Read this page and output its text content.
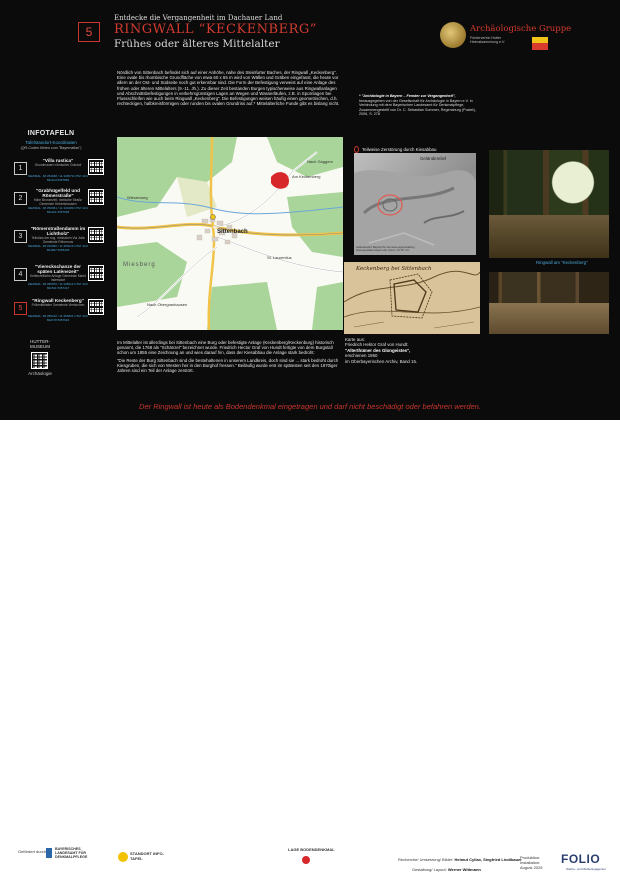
5
Entdecke die Vergangenheit im Dachauer Land
RINGWALL “KECKENBERG”
Frühes oder älteres Mittelalter
Archäologische Gruppe
Förderverein Hutter Heimatsammlung e.V.
INFOTAFELN
Tafelstandort-Koordinaten
(QR-Codes führen zum "Bayernatlas")
1
"Villa rustica"
Grundmauern römischer Gutshof
DEZIMAL: 48.354948 / 11.340579 UTM: 32U 691124 5357860
2
"Grabhügelfeld und Römerstraße"
frühe Bronzezeit, römische Straße Gemeinde Hebertshausen
DEZIMAL: 48.352961 / 11.340183 UTM: 32U 691101 5357638
3
"Römerstraßendamm im Lichtholz"
Teilstück der sog. römischen Via Julia Gemeinde Röhrmoos
DEZIMAL: 48.332960 / 11.350219 UTM: 32U 691897 5355445
4
"Viereckschanze der späten Latènezeit"
Keltenzeitliche Anlage Gemeinde Markt Indersdorf
DEZIMAL: 48.350870 / 11.345912 UTM: 32U 691511 5357417
5
"Ringwall Keckenberg"
Frühmittelalter Gemeinde Vierkirchen
DEZIMAL: 48.355142 / 11.354801 UTM: 32U 692178 5357924
HUTTER-MUSEUM
Archäologie
Nördlich von Sittenbach befindet sich auf einer Anhöhe, nahe des Steinfurter Baches, der Ringwall „Keckenberg“. Eine ovale bis rhombische Grundfläche von etwa 60 x 65 m wird von Wällen und Gräben eingefasst, die heute vor allem an der Ost- und Südseite noch gut erkennbar sind. Die Form der Befestigung verweist auf eine Anlage des frühen oder älteren Mittelalters (9.-11. Jh.). Zu dieser Zeit bestanden Burgen typischerweise aus Ringwallanlagen und Abschnittsbefestigungen in verkehrsgünstigen Lagen an Wegen und Wasserläufen, z.B. in Spornlagen bei Flussschleifen wie auch beim Ringwall „Keckenberg“. Die Befestigungen weisen häufig einen geometrischen, d.h. rechteckigen, halbkreisförmigen oder runden bis ovalen Grundriss auf.* Mittelalterliche Funde gibt es bislang nicht.
* "Archäologie in Bayern – Fenster zur Vergangenheit", herausgegeben von der Gesellschaft für Archäologie in Bayern e.V. in Verbindung mit dem Bayerischen Landesamt für Denkmalpflege, Zusammengestellt von Dr. C. Sebastian Sommer, Regensburg (Pustet), 2006, S. 278
Sittenbach
Miesberg
Am Keckenberg
Nach Gaggers
Wiesenweg
St. Laurentius
Nach Obergrashausen
Teilweise Zerstörung durch Kiesabbau
Geländerelief
Geländerelief: Bayerische Vermessungsverwaltung (www.geodaten.bayern.de) Lizenz: CC BY 4.0
Keckenberg bei Sittenbach
Karte aus:
Friedrich Hektor Graf von Hundt:
"Alterthümer des Glongeistes",
erschienen 1860
im Oberbayerischen Archiv, Band 15.
Ringwall am "Keckenberg"

Im Mittelalter ist allerdings bei Sittenbach eine Burg oder befestigte Anlage (Keckenberg/Keckenburg) historisch genannt, die 1768 als "Schänzel" bezeichnet wurde. Friedrich Hector Graf von Hundt fertigte von dem Burgstall schon um 1855 eine Zeichnung an und wies darauf hin, dass der Kiesabbau die Anlage stark bedroht:

"Die Reste der Burg Sittenbach sind die bestehaltenen in unserem Landkreis, doch sind sie ... stark bedroht durch Kiesgruben, die sich von Westen her in den Burghof fressen." Beiläufig wurde erst im spätesten seit den 1970iger Jahren sind ein Teil der Anlage zerstört.

Der Ringwall ist heute als Bodendenkmal eingetragen und darf nicht beschädigt oder befahren werden.
Gefördert durch BAYERISCHES LANDESAMT FÜR DENKMALPFLEGE
STANDORT INFO-TAFEL
LAGE BODENDENKMAL
Recherche/ Umsetzung/ Bilder: Helmut Cyllax, Siegfried Lindlbauer
Gestaltung/ Layout: Werner Wittmann
Produktion: Installation: August 2025
FOLIO
Werbe- und Marketingagentur
